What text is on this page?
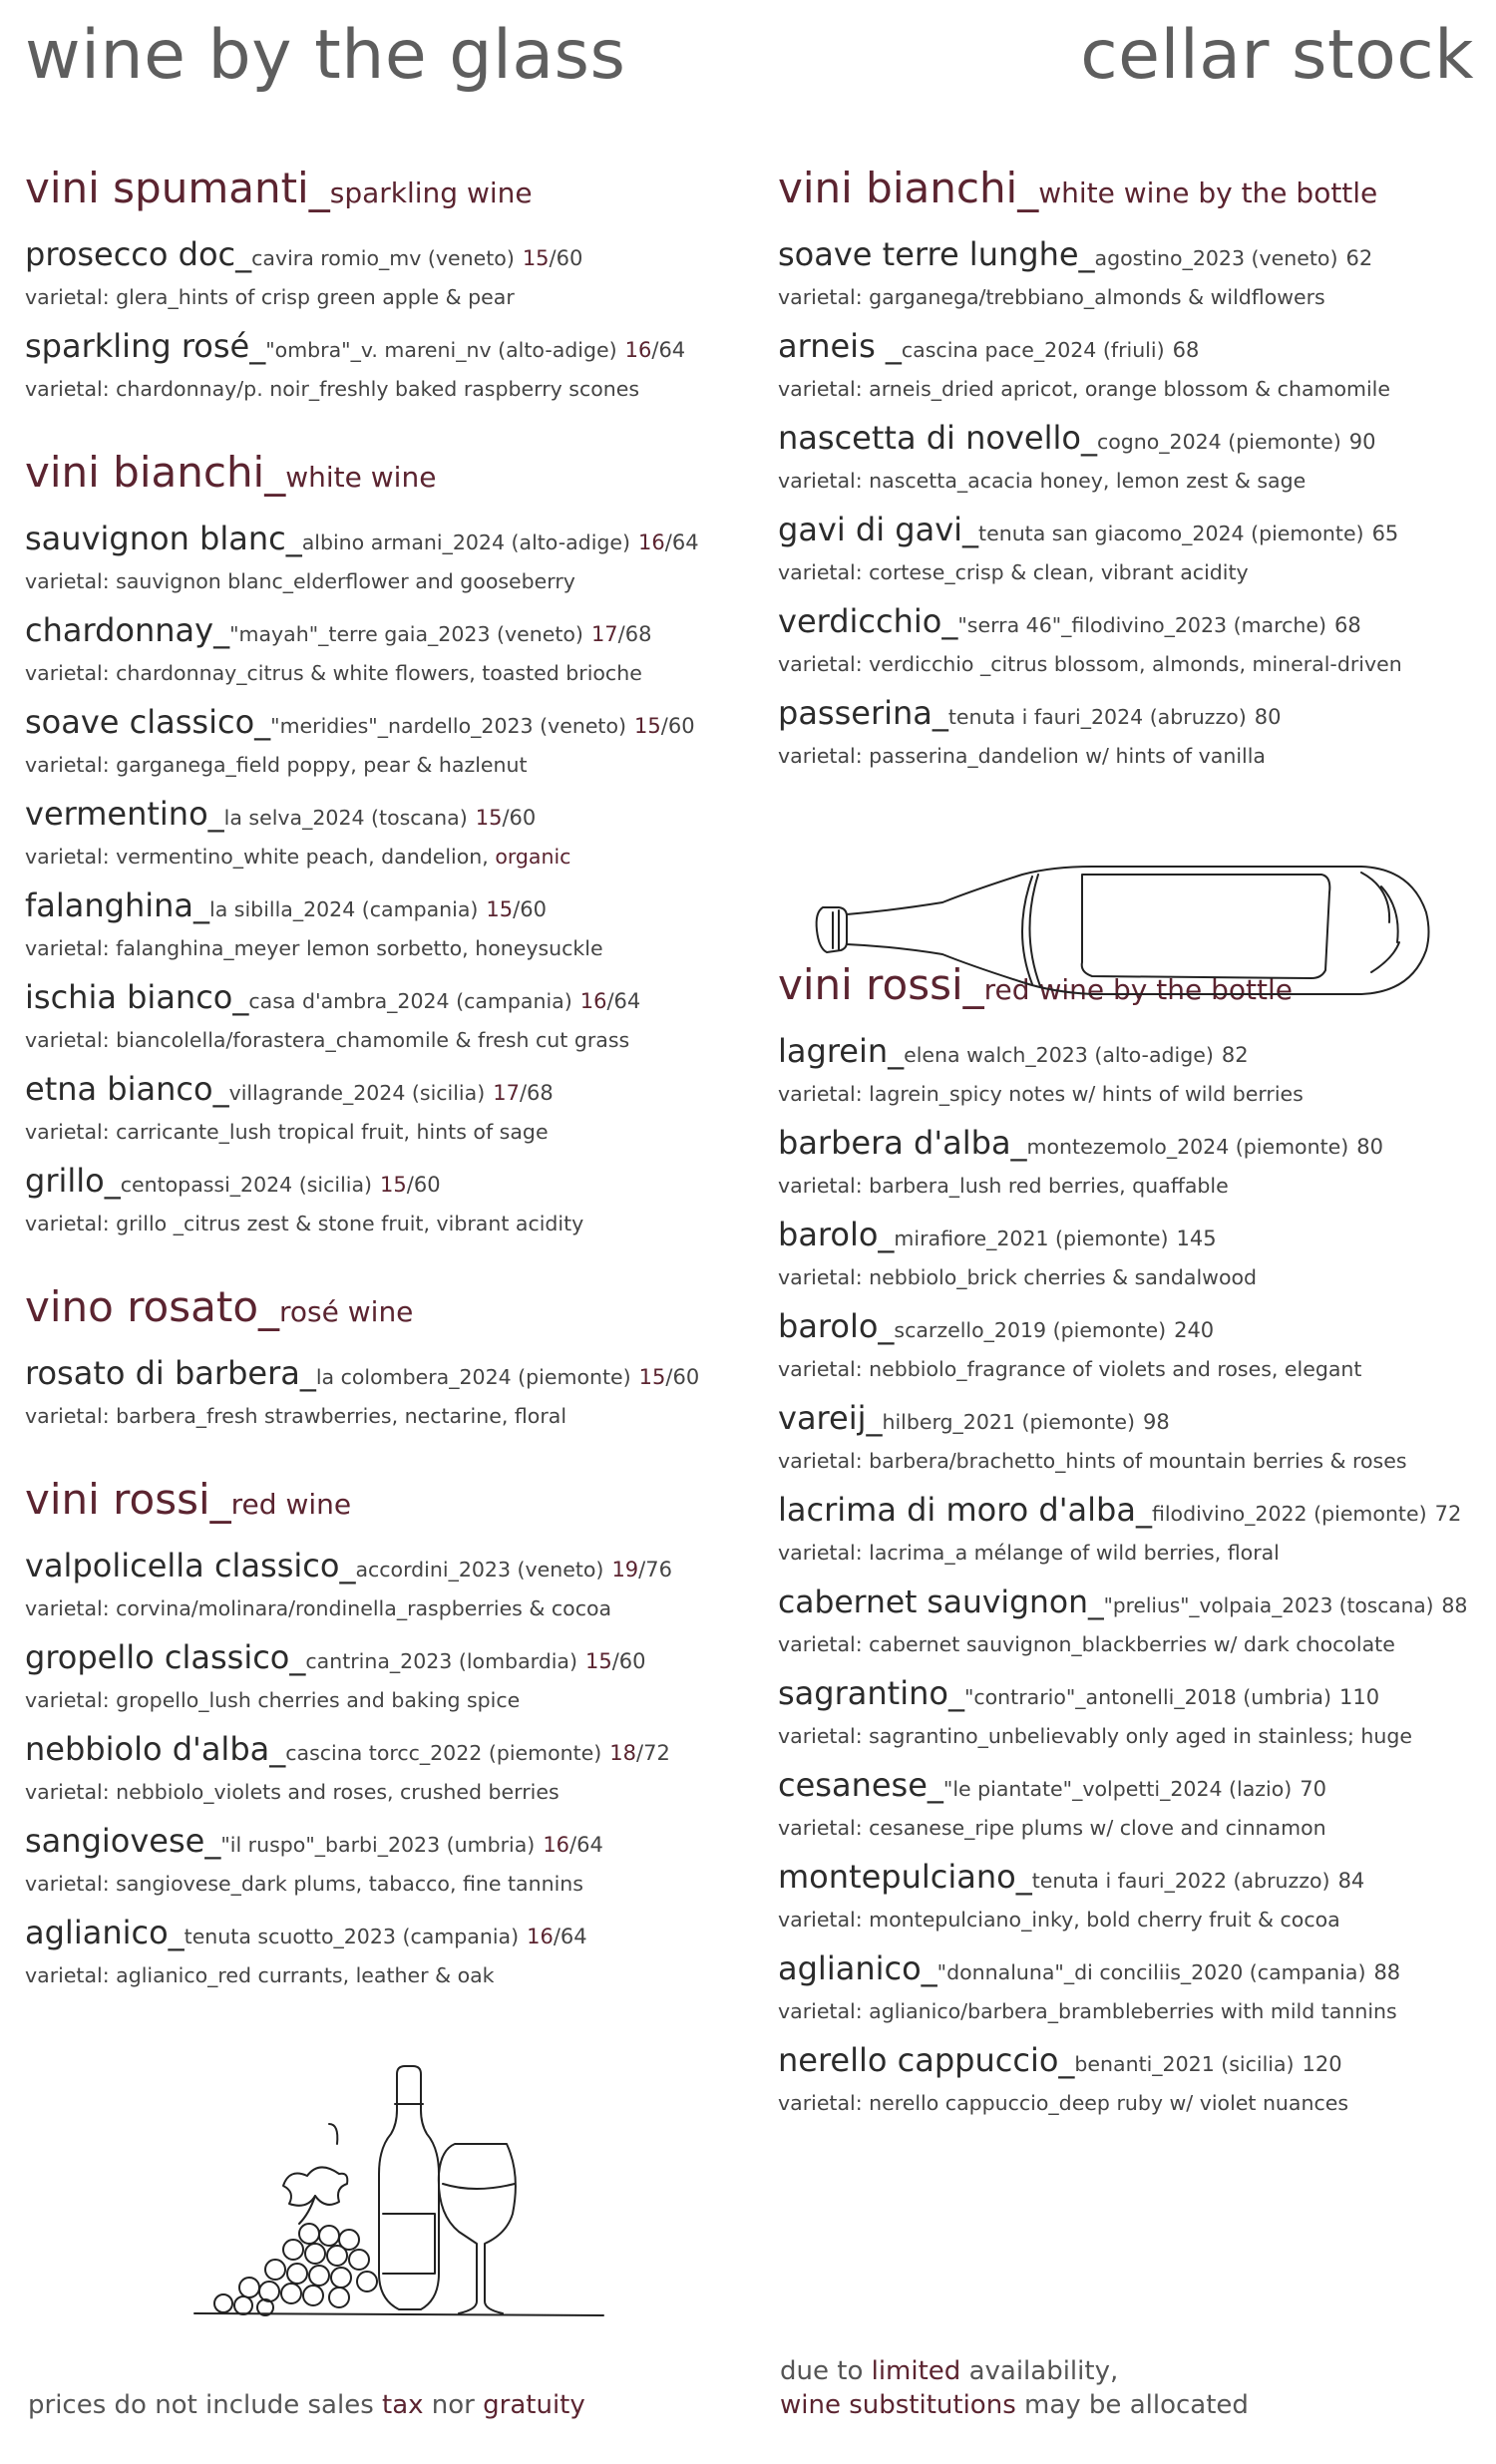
wine by the glass	cellar stock
vini spumanti_sparkling wine
prosecco doc_cavira romio_mv (veneto) 15/60
varietal: glera_hints of crisp green apple & pear
sparkling rosé_"ombra"_v. mareni_nv (alto-adige) 16/64
varietal: chardonnay/p. noir_freshly baked raspberry scones
vini bianchi_white wine
sauvignon blanc_albino armani_2024 (alto-adige) 16/64
varietal: sauvignon blanc_elderflower and gooseberry
chardonnay_"mayah"_terre gaia_2023 (veneto) 17/68
varietal: chardonnay_citrus & white flowers, toasted brioche
soave classico_"meridies"_nardello_2023 (veneto) 15/60
varietal: garganega_field poppy, pear & hazlenut
vermentino_la selva_2024 (toscana) 15/60
varietal: vermentino_white peach, dandelion, organic
falanghina_la sibilla_2024 (campania) 15/60
varietal: falanghina_meyer lemon sorbetto, honeysuckle
ischia bianco_casa d'ambra_2024 (campania) 16/64
varietal: biancolella/forastera_chamomile & fresh cut grass
etna bianco_villagrande_2024 (sicilia) 17/68
varietal: carricante_lush tropical fruit, hints of sage
grillo_centopassi_2024 (sicilia) 15/60
varietal: grillo _citrus zest & stone fruit, vibrant acidity
vino rosato_rosé wine
rosato di barbera_la colombera_2024 (piemonte) 15/60
varietal: barbera_fresh strawberries, nectarine, floral
vini rossi_red wine
valpolicella classico_accordini_2023 (veneto) 19/76
varietal: corvina/molinara/rondinella_raspberries & cocoa
gropello classico_cantrina_2023 (lombardia) 15/60
varietal: gropello_lush cherries and baking spice
nebbiolo d'alba_cascina torcc_2022 (piemonte) 18/72
varietal: nebbiolo_violets and roses, crushed berries
sangiovese_"il ruspo"_barbi_2023 (umbria) 16/64
varietal: sangiovese_dark plums, tabacco, fine tannins
aglianico_tenuta scuotto_2023 (campania) 16/64
varietal: aglianico_red currants, leather & oak
vini bianchi_white wine by the bottle
soave terre lunghe_agostino_2023 (veneto) 62
varietal: garganega/trebbiano_almonds & wildflowers
arneis _cascina pace_2024 (friuli) 68
varietal: arneis_dried apricot, orange blossom & chamomile
nascetta di novello_cogno_2024 (piemonte) 90
varietal: nascetta_acacia honey, lemon zest & sage
gavi di gavi_tenuta san giacomo_2024 (piemonte) 65
varietal: cortese_crisp & clean, vibrant acidity
verdicchio_"serra 46"_filodivino_2023 (marche) 68
varietal: verdicchio _citrus blossom, almonds, mineral-driven
passerina_tenuta i fauri_2024 (abruzzo) 80
varietal: passerina_dandelion w/ hints of vanilla
vini rossi_red wine by the bottle
lagrein_elena walch_2023 (alto-adige) 82
varietal: lagrein_spicy notes w/ hints of wild berries
barbera d'alba_montezemolo_2024 (piemonte) 80
varietal: barbera_lush red berries, quaffable
barolo_mirafiore_2021 (piemonte) 145
varietal: nebbiolo_brick cherries & sandalwood
barolo_scarzello_2019 (piemonte) 240
varietal: nebbiolo_fragrance of violets and roses, elegant
vareij_hilberg_2021 (piemonte) 98
varietal: barbera/brachetto_hints of mountain berries & roses
lacrima di moro d'alba_filodivino_2022 (piemonte) 72
varietal: lacrima_a mélange of wild berries, floral
cabernet sauvignon_"prelius"_volpaia_2023 (toscana) 88
varietal: cabernet sauvignon_blackberries w/ dark chocolate
sagrantino_"contrario"_antonelli_2018 (umbria) 110
varietal: sagrantino_unbelievably only aged in stainless; huge
cesanese_"le piantate"_volpetti_2024 (lazio) 70
varietal: cesanese_ripe plums w/ clove and cinnamon
montepulciano_tenuta i fauri_2022 (abruzzo) 84
varietal: montepulciano_inky, bold cherry fruit & cocoa
aglianico_"donnaluna"_di conciliis_2020 (campania) 88
varietal: aglianico/barbera_brambleberries with mild tannins
nerello cappuccio_benanti_2021 (sicilia) 120
varietal: nerello cappuccio_deep ruby w/ violet nuances
prices do not include sales tax nor gratuity
due to limited availability,
wine substitutions may be allocated
